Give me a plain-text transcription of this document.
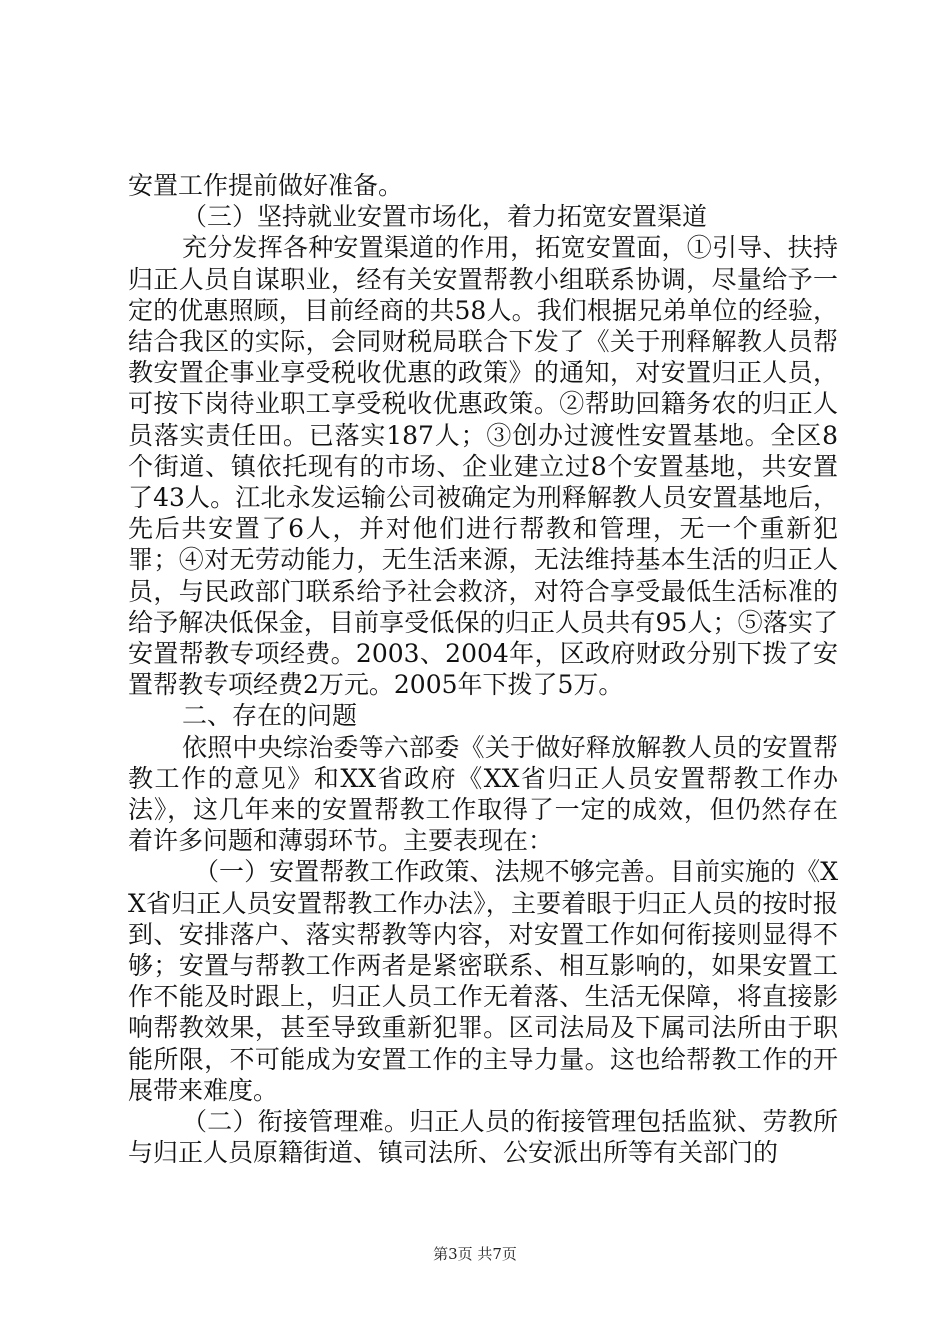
安置工作提前做好准备。

（三）坚持就业安置市场化，着力拓宽安置渠道

充分发挥各种安置渠道的作用，拓宽安置面，①引导、扶持归正人员自谋职业，经有关安置帮教小组联系协调，尽量给予一定的优惠照顾，目前经商的共58人。我们根据兄弟单位的经验，结合我区的实际，会同财税局联合下发了《关于刑释解教人员帮教安置企事业享受税收优惠的政策》的通知，对安置归正人员，可按下岗待业职工享受税收优惠政策。②帮助回籍务农的归正人员落实责任田。已落实187人；③创办过渡性安置基地。全区8个街道、镇依托现有的市场、企业建立过8个安置基地，共安置了43人。江北永发运输公司被确定为刑释解教人员安置基地后，先后共安置了6人，并对他们进行帮教和管理，无一个重新犯罪；④对无劳动能力，无生活来源，无法维持基本生活的归正人员，与民政部门联系给予社会救济，对符合享受最低生活标准的给予解决低保金，目前享受低保的归正人员共有95人；⑤落实了安置帮教专项经费。2003、2004年，区政府财政分别下拨了安置帮教专项经费2万元。2005年下拨了5万。

二、存在的问题

依照中央综治委等六部委《关于做好释放解教人员的安置帮教工作的意见》和XX省政府《XX省归正人员安置帮教工作办法》，这几年来的安置帮教工作取得了一定的成效，但仍然存在着许多问题和薄弱环节。主要表现在：

（一）安置帮教工作政策、法规不够完善。目前实施的《XX省归正人员安置帮教工作办法》，主要着眼于归正人员的按时报到、安排落户、落实帮教等内容，对安置工作如何衔接则显得不够；安置与帮教工作两者是紧密联系、相互影响的，如果安置工作不能及时跟上，归正人员工作无着落、生活无保障，将直接影响帮教效果，甚至导致重新犯罪。区司法局及下属司法所由于职能所限，不可能成为安置工作的主导力量。这也给帮教工作的开展带来难度。

（二）衔接管理难。归正人员的衔接管理包括监狱、劳教所与归正人员原籍街道、镇司法所、公安派出所等有关部门的

第3页 共7页
